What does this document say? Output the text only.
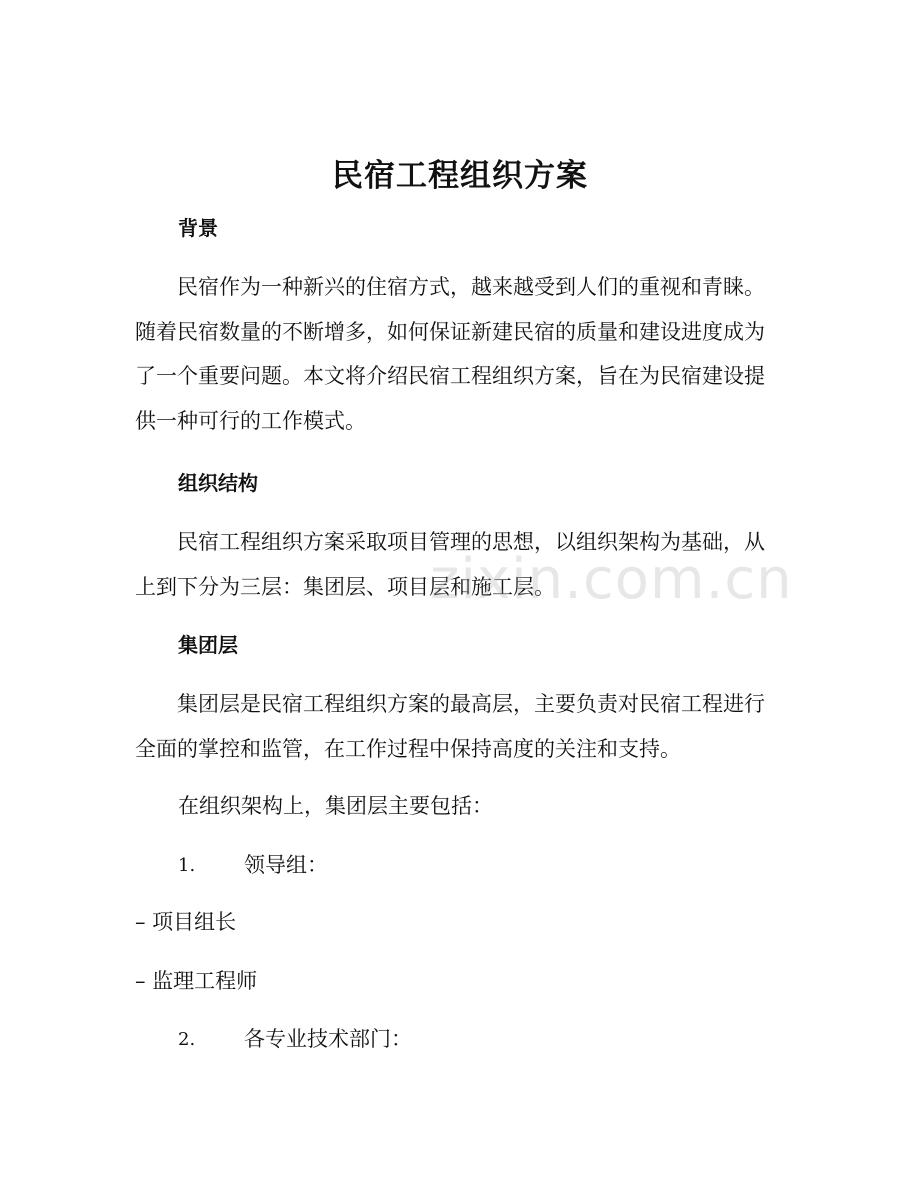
民宿工程组织方案
背景

民宿作为一种新兴的住宿方式，越来越受到人们的重视和青睐。随着民宿数量的不断增多，如何保证新建民宿的质量和建设进度成为了一个重要问题。本文将介绍民宿工程组织方案，旨在为民宿建设提供一种可行的工作模式。

组织结构

民宿工程组织方案采取项目管理的思想，以组织架构为基础，从上到下分为三层：集团层、项目层和施工层。

集团层

集团层是民宿工程组织方案的最高层，主要负责对民宿工程进行全面的掌控和监管，在工作过程中保持高度的关注和支持。

在组织架构上，集团层主要包括：
1. 领导组：
– 项目组长
– 监理工程师
2. 各专业技术部门：
zixin.com.cn
